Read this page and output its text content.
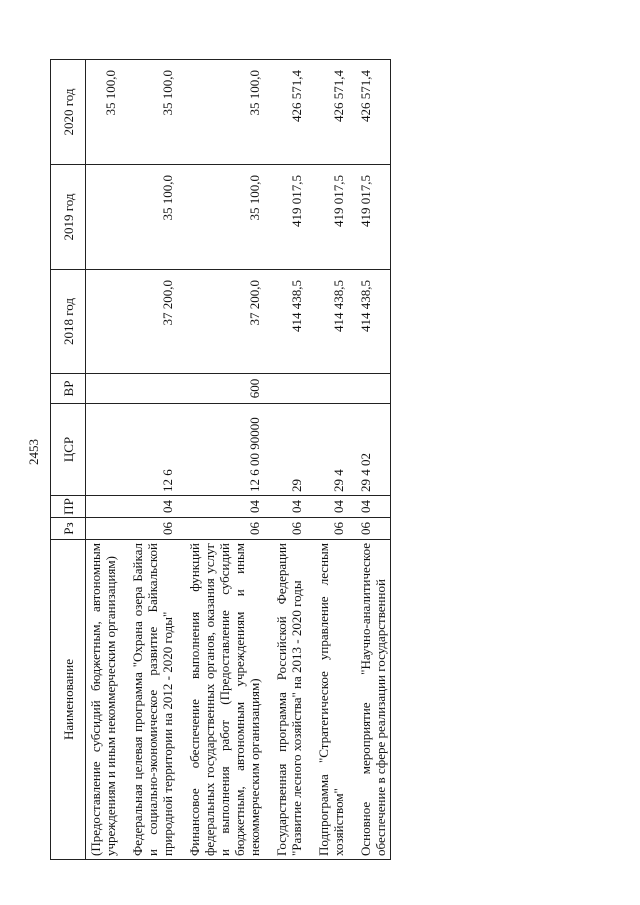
2453
Наименование	Рз	ПР	ЦСР	ВР	2018 год	2019 год	2020 год
(Предоставление субсидий бюджетным, автономным учреждениям и иным некоммерческим организациям)							35 100,0

Федеральная целевая программа "Охрана озера Байкал и социально-экономическое развитие Байкальской природной территории на 2012 - 2020 годы"	06	04	12 6		37 200,0	35 100,0	35 100,0

Финансовое обеспечение выполнения функций федеральных государственных органов, оказания услуг и выполнения работ (Предоставление субсидий бюджетным, автономным учреждениям и иным некоммерческим организациям)	06	04	12 6 00 90000	600	37 200,0	35 100,0	35 100,0

Государственная программа Российской Федерации "Развитие лесного хозяйства" на 2013 - 2020 годы	06	04	29		414 438,5	419 017,5	426 571,4

Подпрограмма "Стратегическое управление лесным хозяйством"	06	04	29 4		414 438,5	419 017,5	426 571,4

Основное мероприятие "Научно-аналитическое обеспечение в сфере реализации государственной	06	04	29 4 02		414 438,5	419 017,5	426 571,4
